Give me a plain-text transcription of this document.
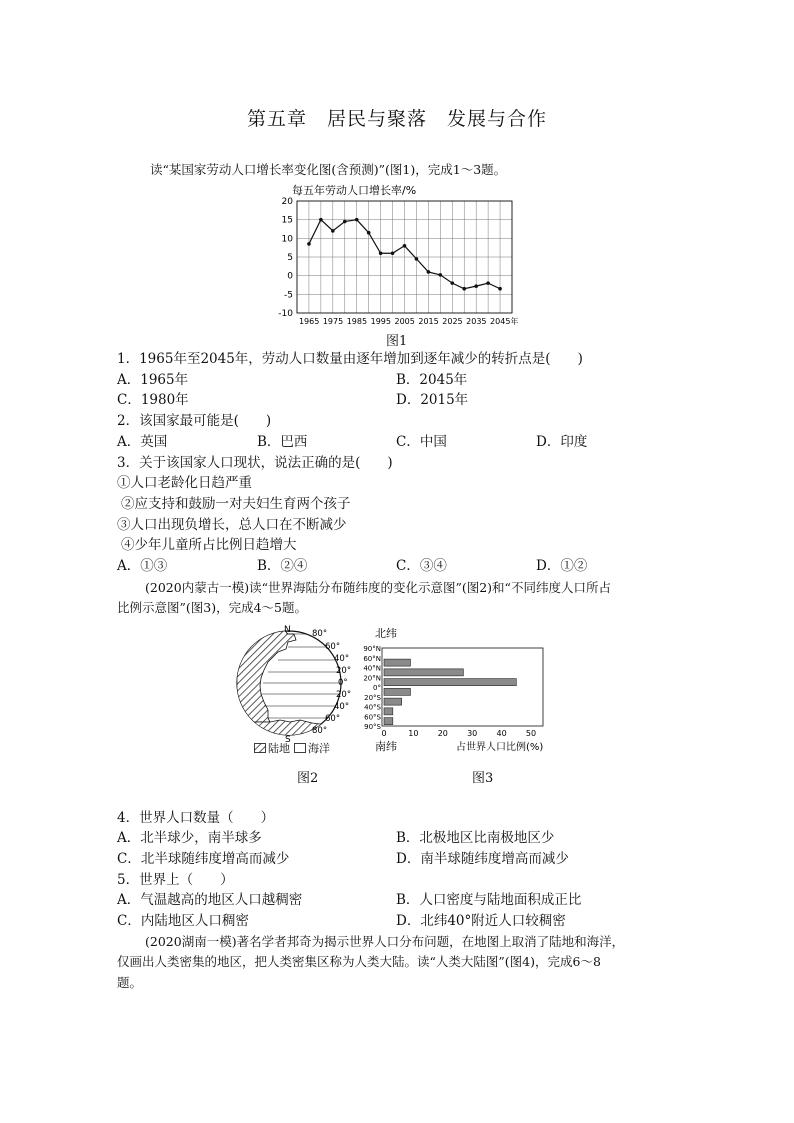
第五章　居民与聚落　发展与合作
读“某国家劳动人口增长率变化图(含预测)”(图1)，完成1～3题。
每五年劳动人口增长率/%
20
15
10
5
0
-5
-10
1965 1975 1985 1995 2005 2015 2025 2035 2045年
图1
1．1965年至2045年，劳动人口数量由逐年增加到逐年减少的转折点是(　　)
A．1965年	B．2045年
C．1980年	D．2015年
2．该国家最可能是(　　)
A．英国	B．巴西	C．中国	D．印度
3．关于该国家人口现状，说法正确的是(　　)
①人口老龄化日趋严重
②应支持和鼓励一对夫妇生育两个孩子
③人口出现负增长，总人口在不断减少
④少年儿童所占比例日趋增大
A．①③	B．②④	C．③④	D．①②
(2020内蒙古一模)读“世界海陆分布随纬度的变化示意图”(图2)和“不同纬度人口所占
比例示意图”(图3)，完成4～5题。
N
S
80°
60°
40°
20°
0°
20°
40°
60°
80°
陆地 海洋
图2
北纬
南纬	占世界人口比例(%)
90°N
60°N
40°N
20°N
0°
20°S
40°S
60°S
90°S
0	10 20 30 40 50
图3
4．世界人口数量（　　）
A．北半球少，南半球多	B．北极地区比南极地区少
C．北半球随纬度增高而减少	D．南半球随纬度增高而减少
5．世界上（　　）
A．气温越高的地区人口越稠密	B．人口密度与陆地面积成正比
C．内陆地区人口稠密	D．北纬40°附近人口较稠密
(2020湖南一模)著名学者邦奇为揭示世界人口分布问题，在地图上取消了陆地和海洋，
仅画出人类密集的地区，把人类密集区称为人类大陆。读“人类大陆图”(图4)，完成6～8
题。
